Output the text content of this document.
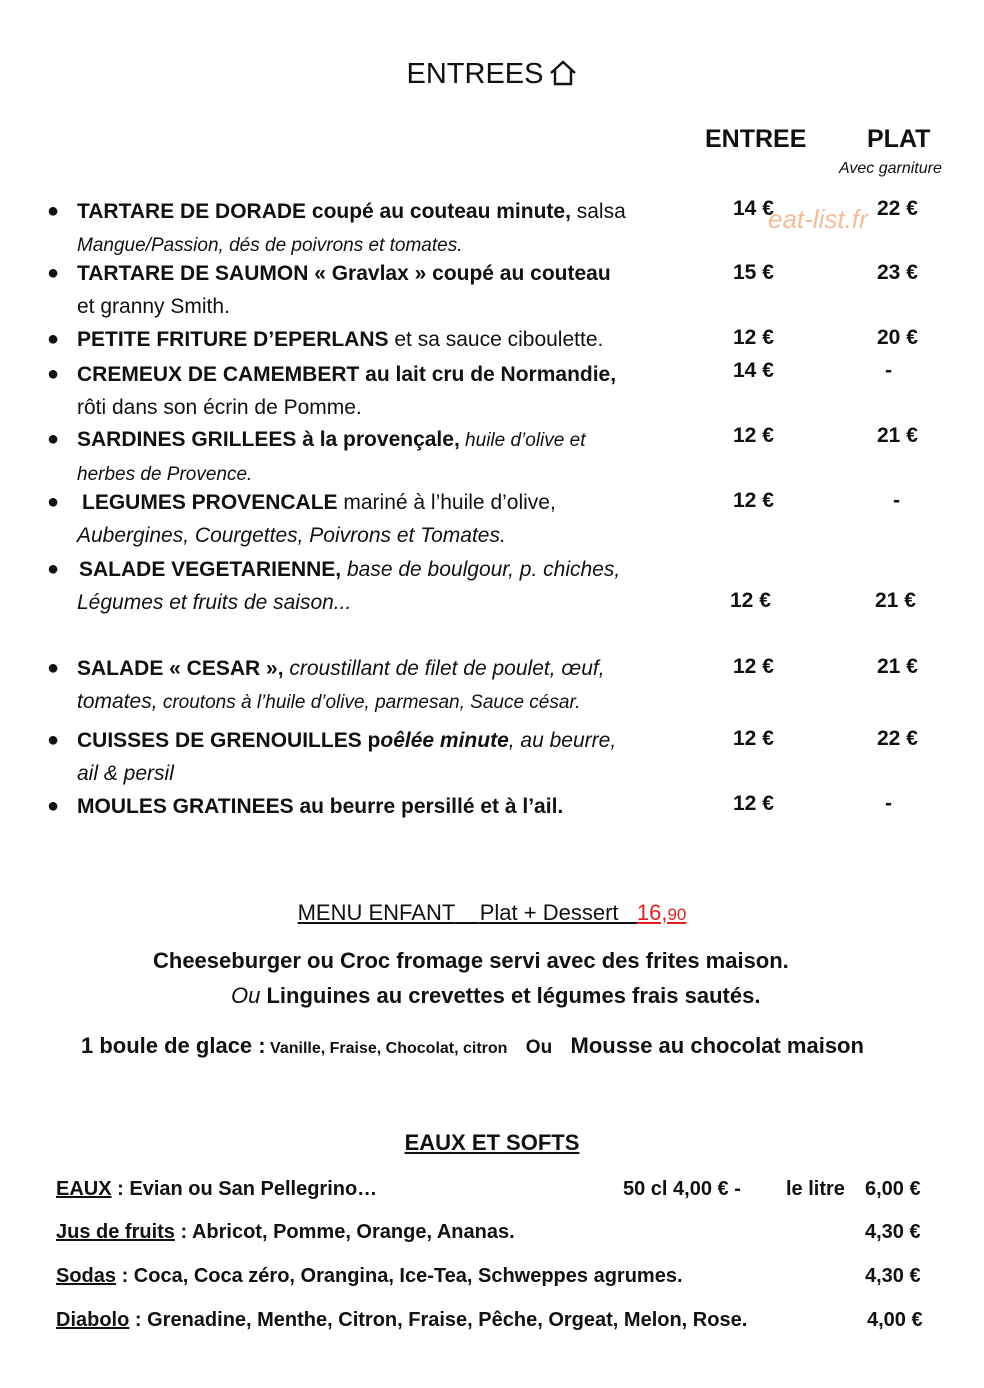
ENTREES
ENTREE PLAT
Avec garniture
eat-list.fr
● TARTARE DE DORADE coupé au couteau minute, salsa
Mangue/Passion, dés de poivrons et tomates.
14 €	22 €
● TARTARE DE SAUMON « Gravlax » coupé au couteau
et granny Smith.
15 €	23 €
● PETITE FRITURE D’EPERLANS et sa sauce ciboulette.	12 €	20 €
● CREMEUX DE CAMEMBERT au lait cru de Normandie,
rôti dans son écrin de Pomme.
14 €	-
● SARDINES GRILLEES à la provençale, huile d’olive et
herbes de Provence.
12 €	21 €
● LEGUMES PROVENCALE mariné à l’huile d’olive,
Aubergines, Courgettes, Poivrons et Tomates.
12 €	-
● SALADE VEGETARIENNE, base de boulgour, p. chiches,
Légumes et fruits de saison...	12 €	21 €
● SALADE « CESAR », croustillant de filet de poulet, œuf,
tomates, croutons à l’huile d’olive, parmesan, Sauce césar.
12 €	21 €
● CUISSES DE GRENOUILLES poêlée minute, au beurre,
ail & persil
12 €	22 €
● MOULES GRATINEES au beurre persillé et à l’ail.	12 €	-
MENU ENFANT Plat + Dessert 16,90
Cheeseburger ou Croc fromage servi avec des frites maison.
Ou Linguines au crevettes et légumes frais sautés.
1 boule de glace : Vanille, Fraise, Chocolat, citron Ou Mousse au chocolat maison
EAUX ET SOFTS
EAUX : Evian ou San Pellegrino…	50 cl 4,00 € - le litre 6,00 €
Jus de fruits : Abricot, Pomme, Orange, Ananas.	4,30 €
Sodas : Coca, Coca zéro, Orangina, Ice-Tea, Schweppes agrumes.	4,30 €
Diabolo : Grenadine, Menthe, Citron, Fraise, Pêche, Orgeat, Melon, Rose.	4,00 €
